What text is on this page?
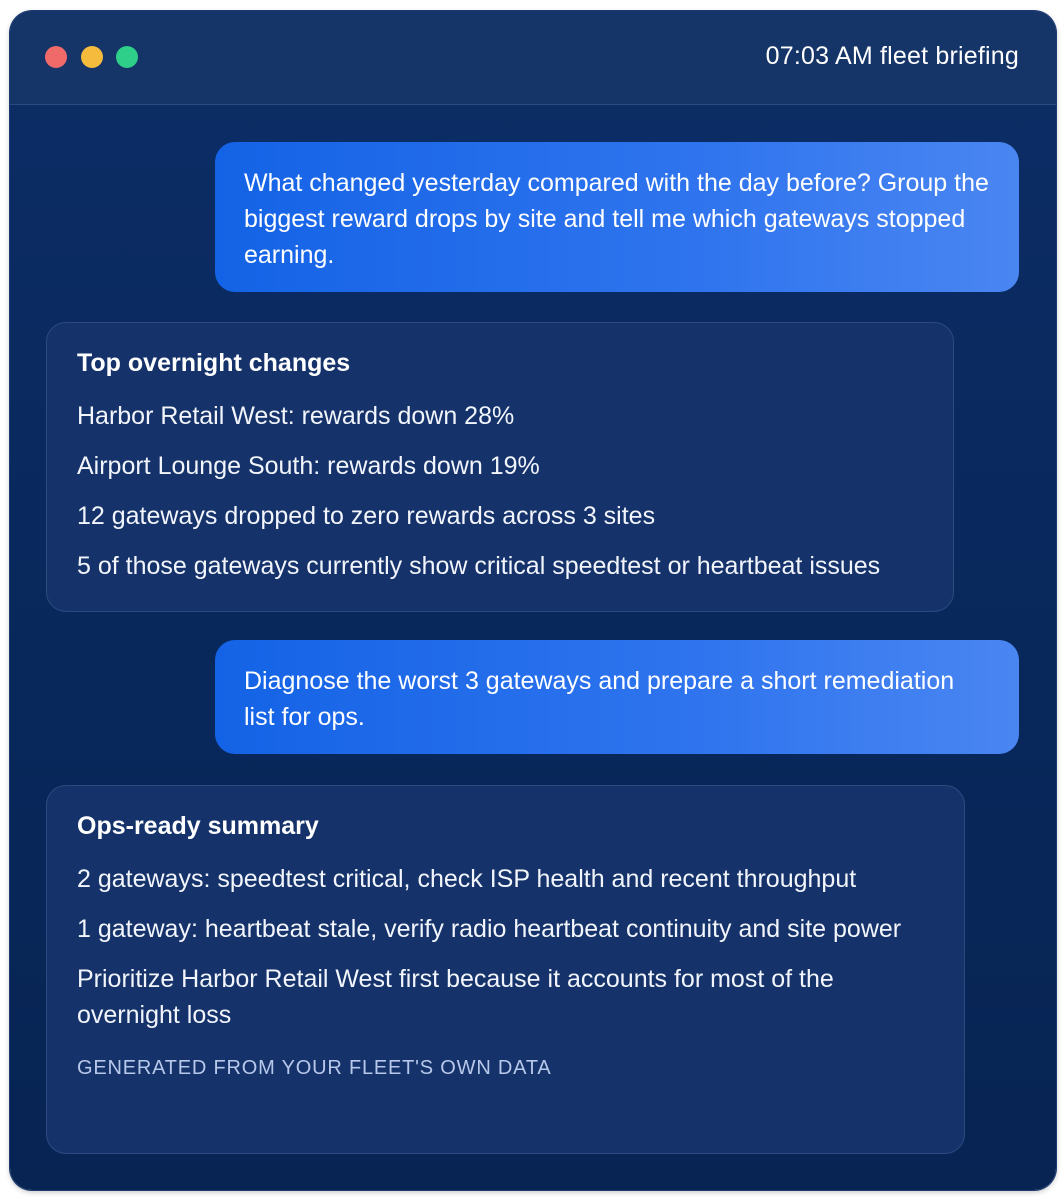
07:03 AM fleet briefing
What changed yesterday compared with the day before? Group the biggest reward drops by site and tell me which gateways stopped earning.
Top overnight changes
Harbor Retail West: rewards down 28%
Airport Lounge South: rewards down 19%
12 gateways dropped to zero rewards across 3 sites
5 of those gateways currently show critical speedtest or heartbeat issues
Diagnose the worst 3 gateways and prepare a short remediation list for ops.
Ops-ready summary
2 gateways: speedtest critical, check ISP health and recent throughput
1 gateway: heartbeat stale, verify radio heartbeat continuity and site power
Prioritize Harbor Retail West first because it accounts for most of the overnight loss
GENERATED FROM YOUR FLEET'S OWN DATA
